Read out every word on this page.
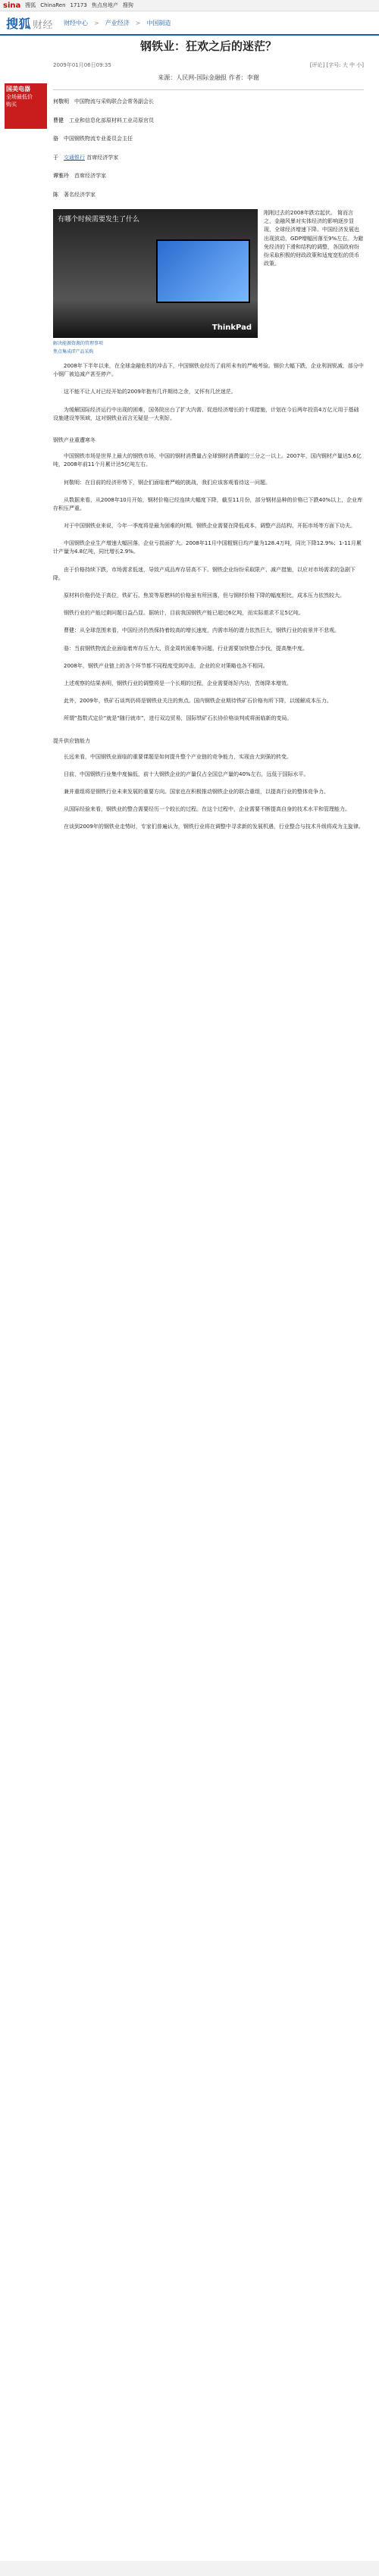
sina 搜狐 ChinaRen 17173 焦点房地产 搜狗
搜狐 财经 财经中心 > 产业经济 > 中国制造
国美电器
全场最低价
购买
钢铁业：狂欢之后的迷茫？
2009年01月06日09:35	[评论] [字号: 大 中 小]
来源：人民网-国际金融报 作者：李谢

何敬明　 中国物流与采购联合会常务副会长

曹健　 工业和信息化部原材料工业司原官员

骆　 中国钢铁物流专业委员会主任

于　 交通银行 首席经济学家

谭雅玲　 首席经济学家

陈　 著名经济学家

有哪个时候需要发生了什么
ThinkPad
解决能源资源的管理事项
焦点集成IT产品采购
刚刚过去的2008年跌宕起伏。 简而言之，金融风暴对实体经济的影响逐步显现，全球经济增速下降。中国经济发展也出现波动，GDP增幅回落至9%左右。为避免经济的下滑和结构的调整，各国政府纷纷采取积极的财政政策和适度宽松的货币政策。

2008年下半年以来，在全球金融危机的冲击下，中国钢铁业经历了前所未有的严峻考验。钢价大幅下跌，企业利润锐减，部分中小钢厂被迫减产甚至停产。

这不能不让人对已经开始的2009年抱有几许期待之余，又怀有几丝迷茫。

为缓解国际经济运行中出现的困难，国务院出台了扩大内需、促进经济增长的十项措施，计划在今后两年投资4万亿元用于基础设施建设等领域，这对钢铁业而言无疑是一大利好。

钢铁产业重遭寒冬

中国钢铁市场是世界上最大的钢铁市场，中国的钢材消费量占全球钢材消费量的三分之一以上。2007年，国内钢材产量达5.6亿吨，2008年前11个月累计达5亿吨左右。

何敬明：在目前的经济形势下，钢企们面临着严峻的挑战，我们应该客观看待这一问题。

从数据来看，从2008年10月开始，钢材价格已经连续大幅度下降，截至11月份，部分钢材品种的价格已下跌40%以上，企业库存积压严重。

对于中国钢铁业来说，今年一季度将是最为困难的时期。钢铁企业需要在降低成本、调整产品结构、开拓市场等方面下功夫。

中国钢铁企业生产增速大幅回落，企业亏损面扩大。2008年11月中国粗钢日均产量为128.4万吨，同比下降12.9%；1-11月累计产量为4.8亿吨，同比增长2.9%。

由于价格持续下跌，市场需求低迷，导致产成品库存居高不下。钢铁企业纷纷采取限产、减产措施，以应对市场需求的急剧下降。

原材料价格仍处于高位，铁矿石、焦炭等原燃料的价格虽有所回落，但与钢材价格下降的幅度相比，成本压力依然较大。

钢铁行业的产能过剩问题日益凸显。据统计，目前我国钢铁产能已超过6亿吨，而实际需求不足5亿吨。

曹健：从全球范围来看，中国经济仍然保持着较高的增长速度，内需市场的潜力依然巨大，钢铁行业的前景并不悲观。

骆：当前钢铁物流企业面临着库存压力大、资金周转困难等问题，行业需要加快整合步伐，提高集中度。

2008年，钢铁产业链上的各个环节都不同程度受到冲击，企业的应对策略也各不相同。

上述观察的结果表明，钢铁行业的调整将是一个长期的过程，企业需要练好内功，苦练降本增效。

此外，2009年，铁矿石谈判仍将是钢铁业关注的焦点。国内钢铁企业期待铁矿石价格有所下降，以缓解成本压力。

所谓“指数式定价”就是“随行就市”，进行双边贸易，国际铁矿石长协价格谈判或将面临新的变局。

提升供应链能力

长远来看，中国钢铁业面临的重要课题是如何提升整个产业链的竞争能力，实现由大到强的转变。

目前，中国钢铁行业集中度偏低，前十大钢铁企业的产量仅占全国总产量的40%左右，远低于国际水平。

兼并重组将是钢铁行业未来发展的重要方向。国家也在积极推动钢铁企业的联合重组，以提高行业的整体竞争力。

从国际经验来看，钢铁业的整合需要经历一个较长的过程。在这个过程中，企业需要不断提高自身的技术水平和管理能力。

在谈到2009年的钢铁业走势时，专家们普遍认为，钢铁行业将在调整中寻求新的发展机遇，行业整合与技术升级将成为主旋律。
